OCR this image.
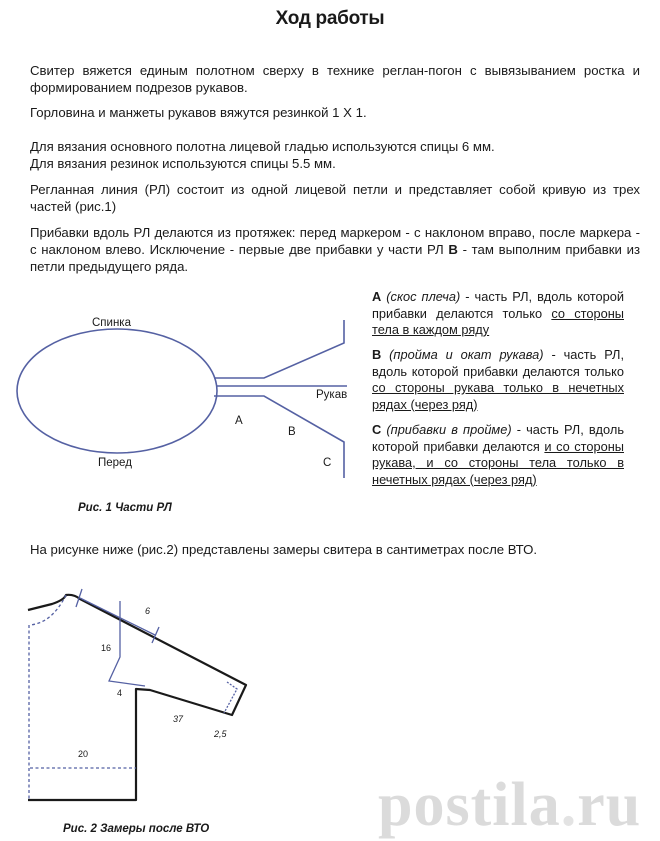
Ход работы
Свитер вяжется единым полотном сверху в технике реглан-погон с вывязыванием ростка и формированием подрезов рукавов.
Горловина и манжеты рукавов вяжутся резинкой 1 Х 1.
Для вязания основного полотна лицевой гладью используются спицы 6 мм.
Для вязания резинок используются спицы 5.5 мм.
Регланная линия (РЛ) состоит из одной лицевой петли и представляет собой кривую из трех частей (рис.1)
Прибавки вдоль РЛ делаются из протяжек: перед маркером - с наклоном вправо, после маркера - с наклоном влево. Исключение - первые две прибавки у части РЛ В - там выполним прибавки из петли предыдущего ряда.
Спинка
Перед
Рукав
А
В
С
Рис. 1 Части РЛ
А (скос плеча) - часть РЛ, вдоль которой прибавки делаются только со стороны тела в каждом ряду
В (пройма и окат рукава) - часть РЛ, вдоль которой прибавки делаются только со стороны рукава только в нечетных рядах (через ряд)
С (прибавки в пройме) - часть РЛ, вдоль которой прибавки делаются и со стороны рукава, и со стороны тела только в нечетных рядах (через ряд)
На рисунке ниже (рис.2) представлены замеры свитера в сантиметрах после ВТО.
6
16
4
37
2,5
20
Рис. 2 Замеры после ВТО	postila.ru
